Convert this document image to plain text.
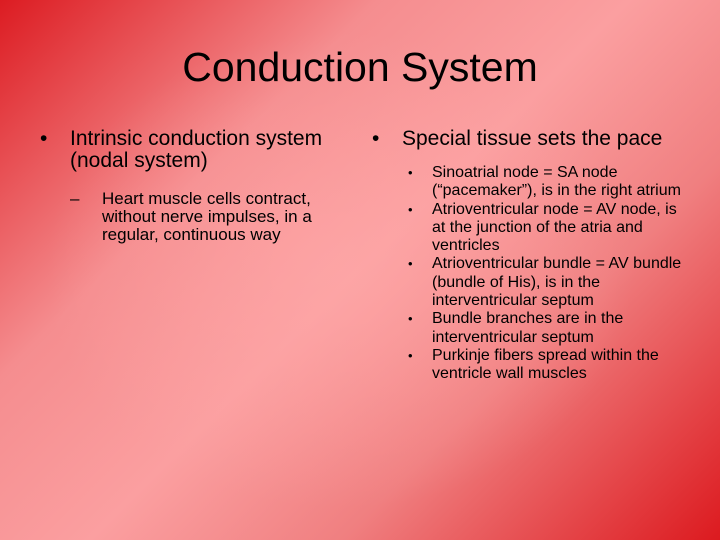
Conduction System
• Intrinsic conduction system (nodal system)
– Heart muscle cells contract, without nerve impulses, in a regular, continuous way
• Special tissue sets the pace
• Sinoatrial node = SA node (“pacemaker”), is in the right atrium
• Atrioventricular node = AV node, is at the junction of the atria and ventricles
• Atrioventricular bundle = AV bundle (bundle of His), is in the interventricular septum
• Bundle branches are in the interventricular septum
• Purkinje fibers spread within the ventricle wall muscles
